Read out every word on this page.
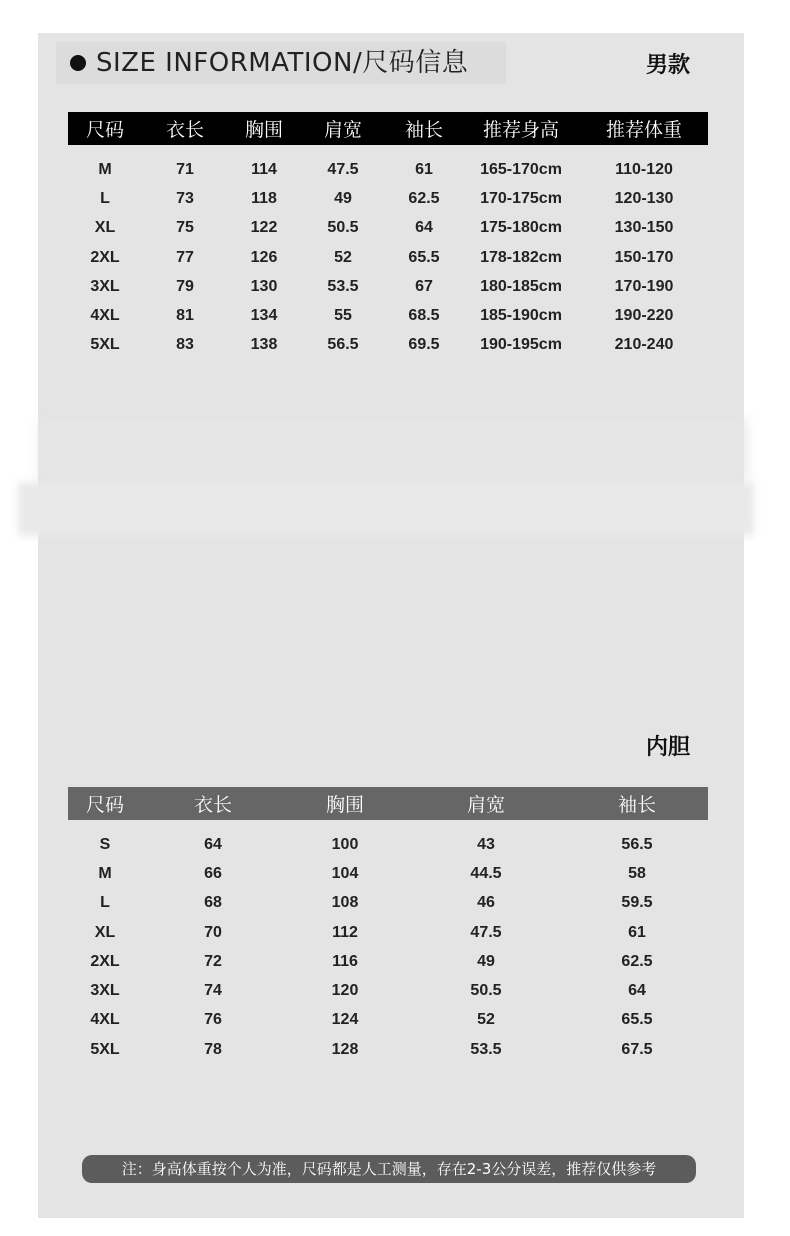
SIZE INFORMATION/尺码信息	男款
尺码	衣长	胸围	肩宽	袖长	推荐身高	推荐体重
M	71	114	47.5	61	165-170cm	110-120
L	73	118	49	62.5	170-175cm	120-130
XL	75	122	50.5	64	175-180cm	130-150
2XL	77	126	52	65.5	178-182cm	150-170
3XL	79	130	53.5	67	180-185cm	170-190
4XL	81	134	55	68.5	185-190cm	190-220
5XL	83	138	56.5	69.5	190-195cm	210-240
内胆
尺码	衣长	胸围	肩宽	袖长
S	64	100	43	56.5
M	66	104	44.5	58
L	68	108	46	59.5
XL	70	112	47.5	61
2XL	72	116	49	62.5
3XL	74	120	50.5	64
4XL	76	124	52	65.5
5XL	78	128	53.5	67.5
注：身高体重按个人为准，尺码都是人工测量，存在2-3公分误差，推荐仅供参考
